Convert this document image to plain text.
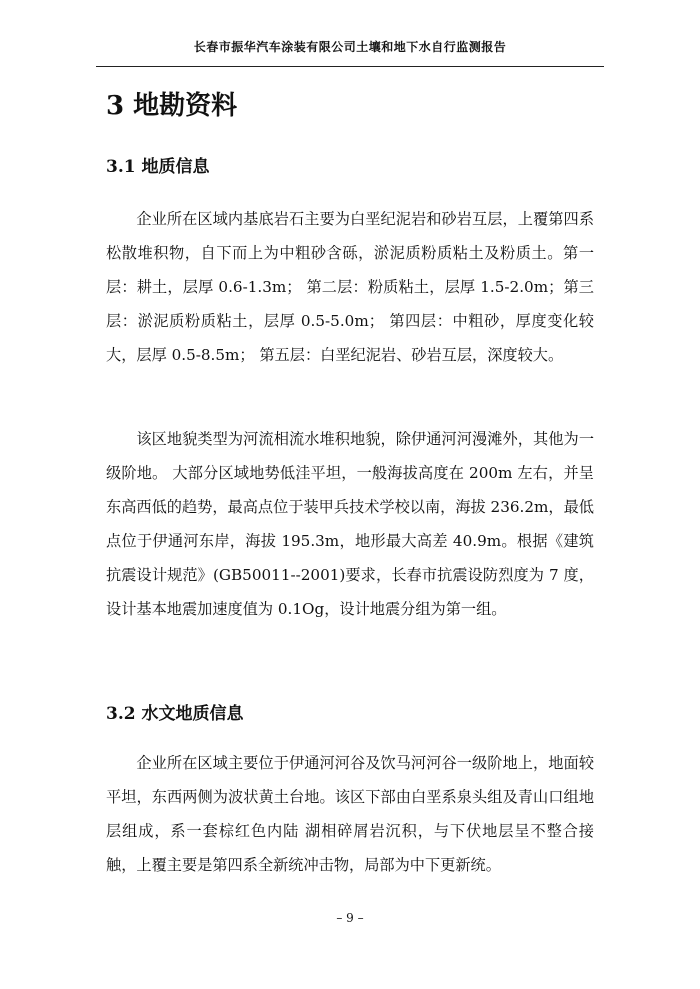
长春市振华汽车涂装有限公司土壤和地下水自行监测报告
3 地勘资料
3.1 地质信息
企业所在区域内基底岩石主要为白垩纪泥岩和砂岩互层，上覆第四系松散堆积物，自下而上为中粗砂含砾，淤泥质粉质粘土及粉质土。第一层：耕土，层厚 0.6-1.3m； 第二层：粉质粘土，层厚 1.5-2.0m；第三层：淤泥质粉质粘土，层厚 0.5-5.0m； 第四层：中粗砂，厚度变化较大，层厚 0.5-8.5m； 第五层：白垩纪泥岩、砂岩互层，深度较大。
该区地貌类型为河流相流水堆积地貌，除伊通河河漫滩外，其他为一级阶地。 大部分区域地势低洼平坦，一般海拔高度在 200m 左右，并呈东高西低的趋势，最高点位于装甲兵技术学校以南，海拔 236.2m，最低点位于伊通河东岸，海拔 195.3m，地形最大高差 40.9m。根据《建筑抗震设计规范》(GB50011--2001)要求，长春市抗震设防烈度为 7 度，设计基本地震加速度值为 0.1Og，设计地震分组为第一组。
3.2 水文地质信息
企业所在区域主要位于伊通河河谷及饮马河河谷一级阶地上，地面较平坦，东西两侧为波状黄土台地。该区下部由白垩系泉头组及青山口组地层组成，系一套棕红色内陆 湖相碎屑岩沉积，与下伏地层呈不整合接触，上覆主要是第四系全新统冲击物，局部为中下更新统。
– 9 –
